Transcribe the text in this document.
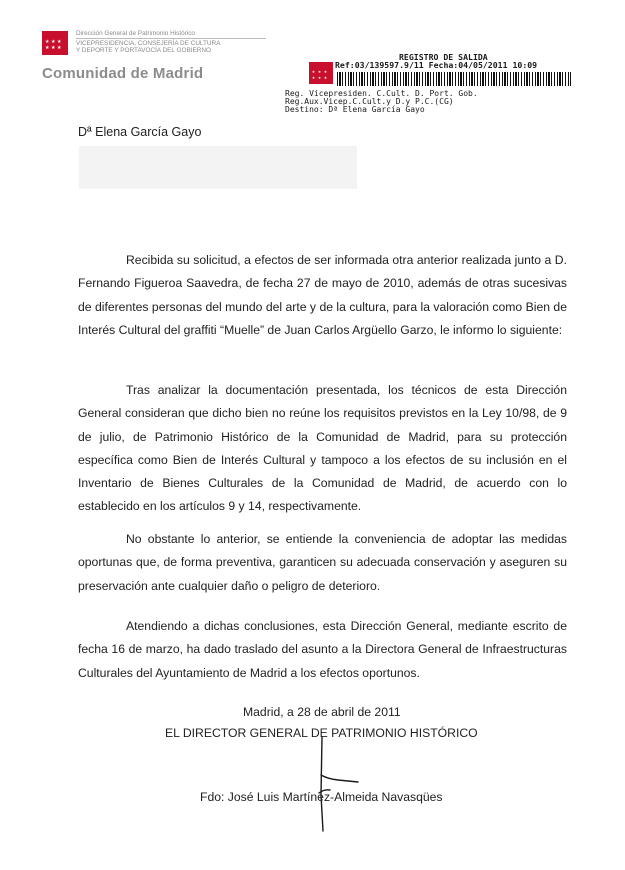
★ ★ ★
★ ★ ★
Dirección General de Patrimonio Histórico
VICEPRESIDENCIA, CONSEJERÍA DE CULTURA
Y DEPORTE Y PORTAVOCÍA DEL GOBIERNO
Comunidad de Madrid
REGISTRO DE SALIDA
★ ★ ★
★ ★ ★
Ref:03/139597.9/11 Fecha:04/05/2011 10:09
Reg. Vicepresiden. C.Cult. D. Port. Gob.
Reg.Aux.Vicep.C.Cult.y D.y P.C.(CG)
Destino: Dª Elena García Gayo
Dª Elena García Gayo

Recibida su solicitud, a efectos de ser informada otra anterior realizada junto a D. Fernando Figueroa Saavedra, de fecha 27 de mayo de 2010, además de otras sucesivas de diferentes personas del mundo del arte y de la cultura, para la valoración como Bien de Interés Cultural del graffiti “Muelle” de Juan Carlos Argüello Garzo, le informo lo siguiente:

Tras analizar la documentación presentada, los técnicos de esta Dirección General consideran que dicho bien no reúne los requisitos previstos en la Ley 10/98, de 9 de julio, de Patrimonio Histórico de la Comunidad de Madrid, para su protección específica como Bien de Interés Cultural y tampoco a los efectos de su inclusión en el Inventario de Bienes Culturales de la Comunidad de Madrid, de acuerdo con lo establecido en los artículos 9 y 14, respectivamente.

No obstante lo anterior, se entiende la conveniencia de adoptar las medidas oportunas que, de forma preventiva, garanticen su adecuada conservación y aseguren su preservación ante cualquier daño o peligro de deterioro.

Atendiendo a dichas conclusiones, esta Dirección General, mediante escrito de fecha 16 de marzo, ha dado traslado del asunto a la Directora General de Infraestructuras Culturales del Ayuntamiento de Madrid a los efectos oportunos.

Madrid, a 28 de abril de 2011
EL DIRECTOR GENERAL DE PATRIMONIO HISTÓRICO
Fdo: José Luis Martínez-Almeida Navasqües
